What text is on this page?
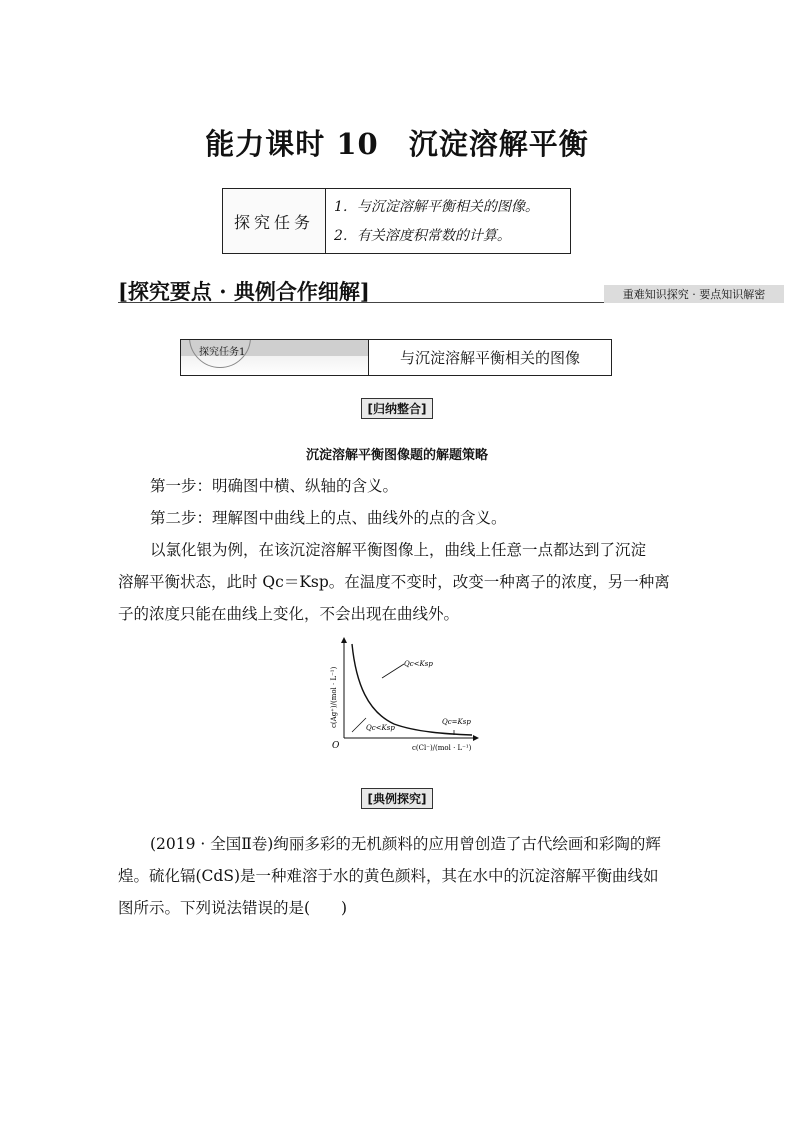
能力课时 10　沉淀溶解平衡
探究任务
1．与沉淀溶解平衡相关的图像。
2．有关溶度积常数的计算。
[探究要点 · 典例合作细解]	重难知识探究 · 要点知识解密
探究任务1	与沉淀溶解平衡相关的图像
[归纳整合]
沉淀溶解平衡图像题的解题策略
第一步：明确图中横、纵轴的含义。
第二步：理解图中曲线上的点、曲线外的点的含义。
以氯化银为例，在该沉淀溶解平衡图像上，曲线上任意一点都达到了沉淀
溶解平衡状态，此时 Qc＝Ksp。在温度不变时，改变一种离子的浓度，另一种离
子的浓度只能在曲线上变化，不会出现在曲线外。
O
Qc<Ksp
Qc<Ksp
Qc=Ksp
c(Cl⁻)/(mol · L⁻¹)
c(Ag⁺)/(mol · L⁻¹)
[典例探究]
(2019 · 全国Ⅱ卷)绚丽多彩的无机颜料的应用曾创造了古代绘画和彩陶的辉
煌。硫化镉(CdS)是一种难溶于水的黄色颜料，其在水中的沉淀溶解平衡曲线如
图所示。下列说法错误的是(　　)
